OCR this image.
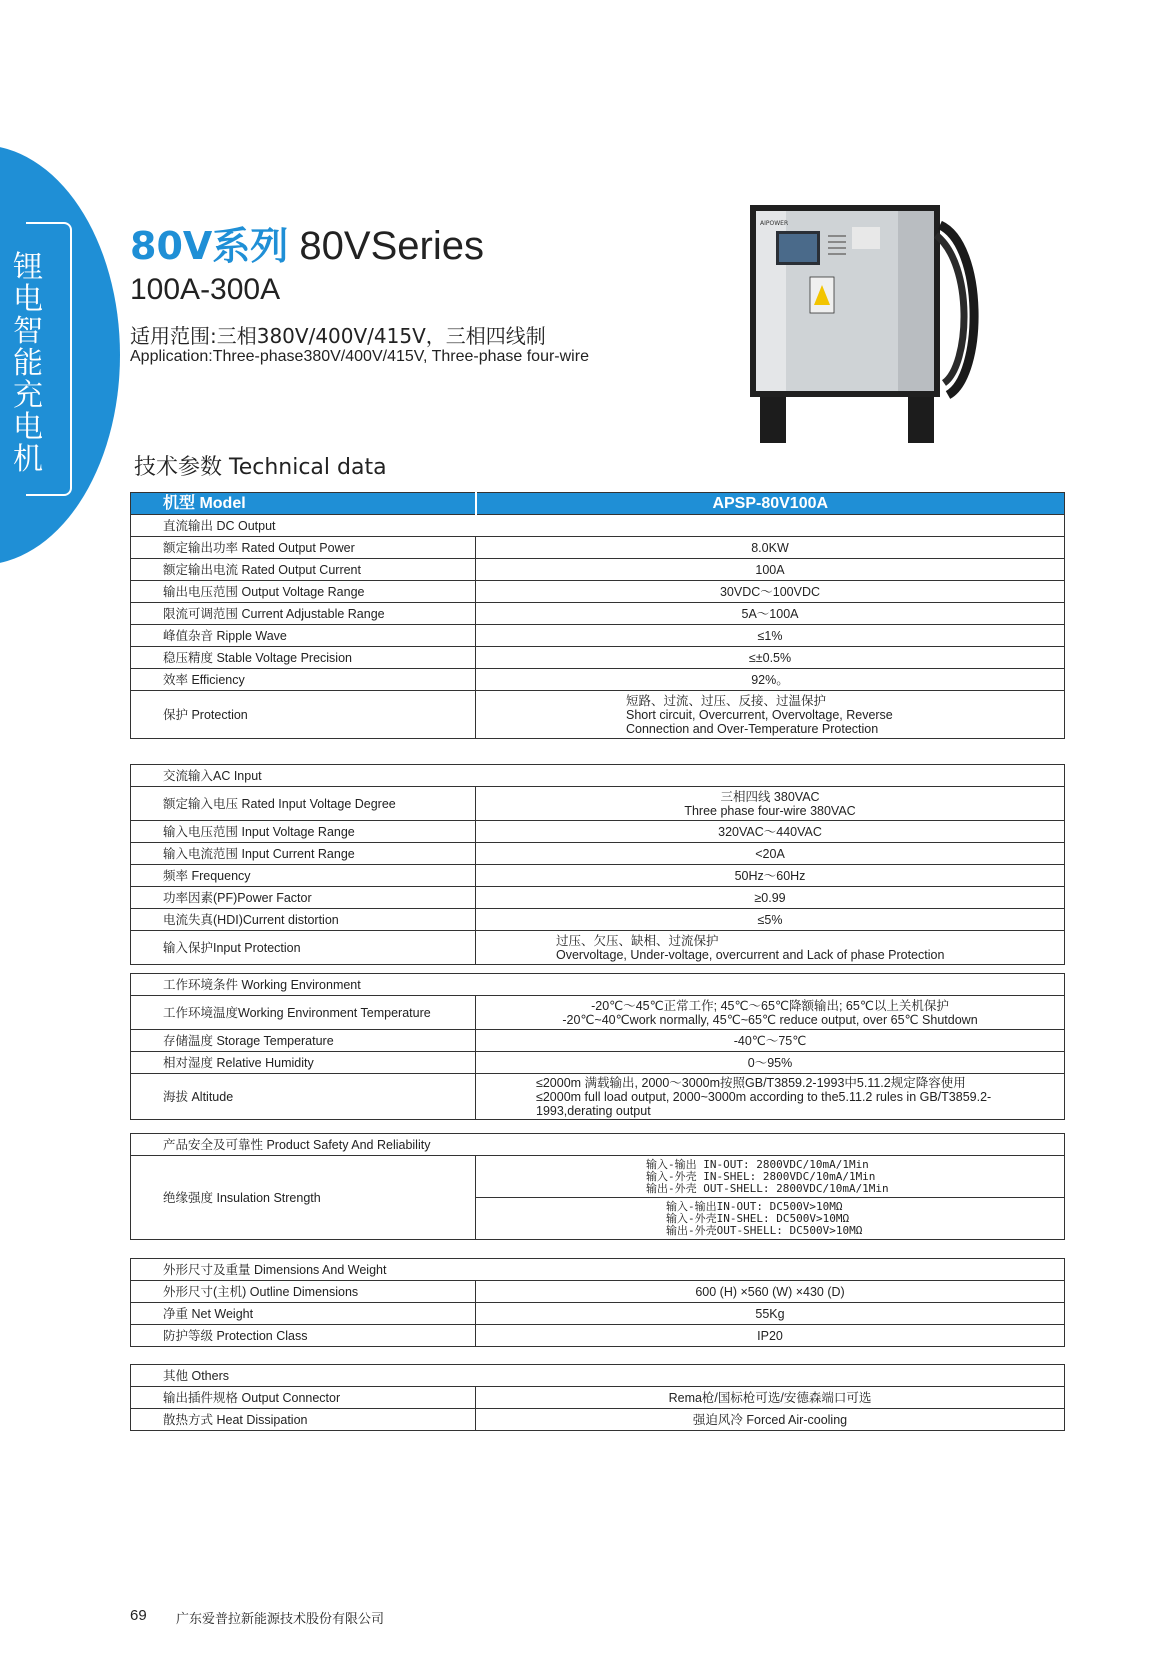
锂电智能充电机
80V系列 80VSeries
100A-300A
适用范围:三相380V/400V/415V，三相四线制
Application:Three-phase380V/400V/415V, Three-phase four-wire
AIPOWER
技术参数 Technical data
机型 Model	APSP-80V100A
直流输出 DC Output	
额定输出功率 Rated Output Power	8.0KW
额定输出电流 Rated Output Current	100A
输出电压范围 Output Voltage Range	30VDC～100VDC
限流可调范围 Current Adjustable Range	5A～100A
峰值杂音 Ripple Wave	≤1%
稳压精度 Stable Voltage Precision	≤±0.5%
效率 Efficiency	92%。
保护 Protection	短路、过流、过压、反接、过温保护
Short circuit, Overcurrent, Overvoltage, Reverse
Connection and Over-Temperature Protection
交流输入AC Input	
额定输入电压 Rated Input Voltage Degree	三相四线 380VAC
Three phase four-wire 380VAC

输入电压范围 Input Voltage Range	320VAC～440VAC
输入电流范围 Input Current Range	<20A
频率 Frequency	50Hz～60Hz
功率因素(PF)Power Factor	≥0.99
电流失真(HDI)Current distortion	≤5%
输入保护Input Protection	过压、欠压、缺相、过流保护
Overvoltage, Under-voltage, overcurrent and Lack of phase Protection
工作环境条件 Working Environment	
工作环境温度Working Environment Temperature	-20℃～45℃正常工作; 45℃～65℃降额输出; 65℃以上关机保护
-20℃~40℃work normally, 45℃~65℃ reduce output, over 65℃ Shutdown

存储温度 Storage Temperature	-40℃～75℃
相对湿度 Relative Humidity	0～95%
海拔 Altitude	≤2000m 满载输出, 2000～3000m按照GB/T3859.2-1993中5.11.2规定降容使用
≤2000m full load output, 2000~3000m according to the5.11.2 rules in GB/T3859.2-
1993,derating output
产品安全及可靠性 Product Safety And Reliability
绝缘强度 Insulation Strength	
输入-输出 IN-OUT: 2800VDC/10mA/1Min
输入-外壳 IN-SHEL: 2800VDC/10mA/1Min
输出-外壳 OUT-SHELL: 2800VDC/10mA/1Min

输入-输出IN-OUT: DC500V>10MΩ
输入-外壳IN-SHEL: DC500V>10MΩ
输出-外壳OUT-SHELL: DC500V>10MΩ
外形尺寸及重量 Dimensions And Weight	
外形尺寸(主机) Outline Dimensions	600 (H) ×560 (W) ×430 (D)
净重 Net Weight	55Kg
防护等级 Protection Class	IP20
其他 Others	
输出插件规格 Output Connector	Rema枪/国标枪可选/安德森端口可选
散热方式 Heat Dissipation	强迫风冷 Forced Air-cooling
69 广东爱普拉新能源技术股份有限公司
